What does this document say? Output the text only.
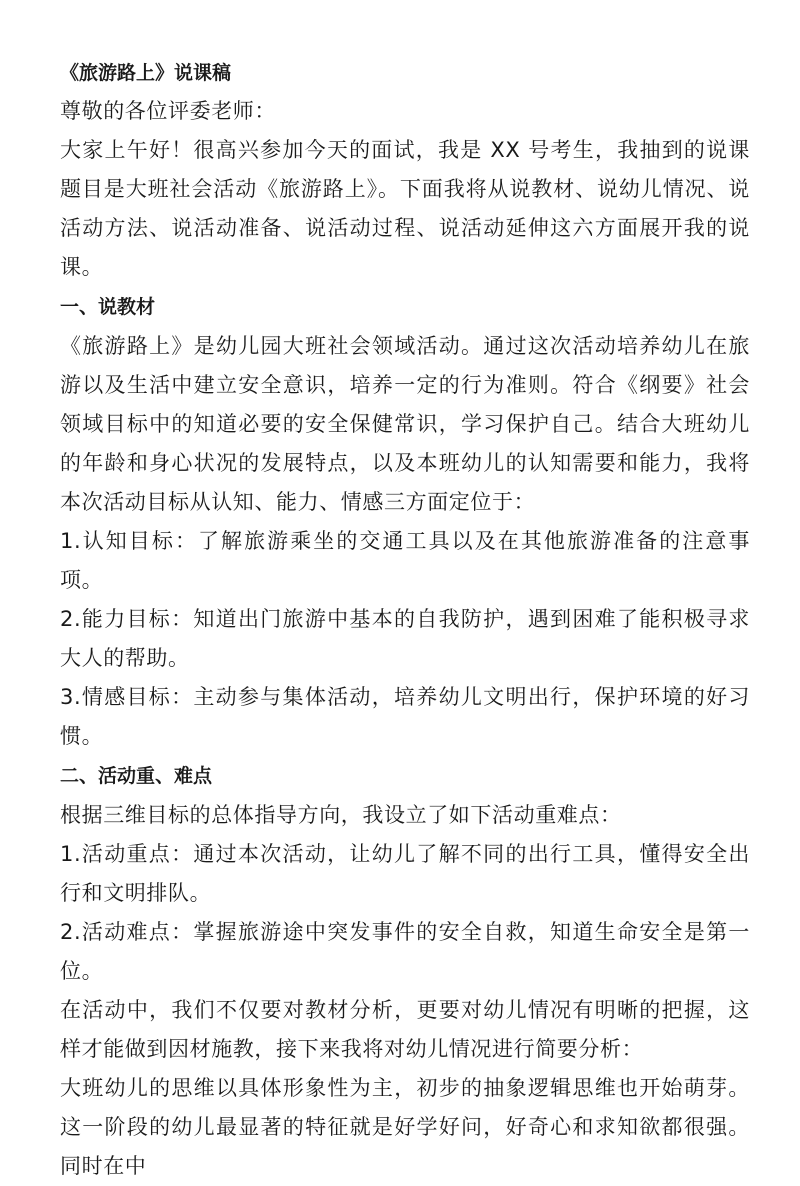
《旅游路上》说课稿

尊敬的各位评委老师：

大家上午好！很高兴参加今天的面试，我是 XX 号考生，我抽到的说课题目是大班社会活动《旅游路上》。下面我将从说教材、说幼儿情况、说活动方法、说活动准备、说活动过程、说活动延伸这六方面展开我的说课。

一、说教材

《旅游路上》是幼儿园大班社会领域活动。通过这次活动培养幼儿在旅游以及生活中建立安全意识，培养一定的行为准则。符合《纲要》社会领域目标中的知道必要的安全保健常识，学习保护自己。结合大班幼儿的年龄和身心状况的发展特点，以及本班幼儿的认知需要和能力，我将本次活动目标从认知、能力、情感三方面定位于：

1.认知目标：了解旅游乘坐的交通工具以及在其他旅游准备的注意事项。

2.能力目标：知道出门旅游中基本的自我防护，遇到困难了能积极寻求大人的帮助。

3.情感目标：主动参与集体活动，培养幼儿文明出行，保护环境的好习惯。

二、活动重、难点

根据三维目标的总体指导方向，我设立了如下活动重难点：

1.活动重点：通过本次活动，让幼儿了解不同的出行工具，懂得安全出行和文明排队。

2.活动难点：掌握旅游途中突发事件的安全自救，知道生命安全是第一位。

在活动中，我们不仅要对教材分析，更要对幼儿情况有明晰的把握，这样才能做到因材施教，接下来我将对幼儿情况进行简要分析：

大班幼儿的思维以具体形象性为主，初步的抽象逻辑思维也开始萌芽。这一阶段的幼儿最显著的特征就是好学好问，好奇心和求知欲都很强。同时在中
